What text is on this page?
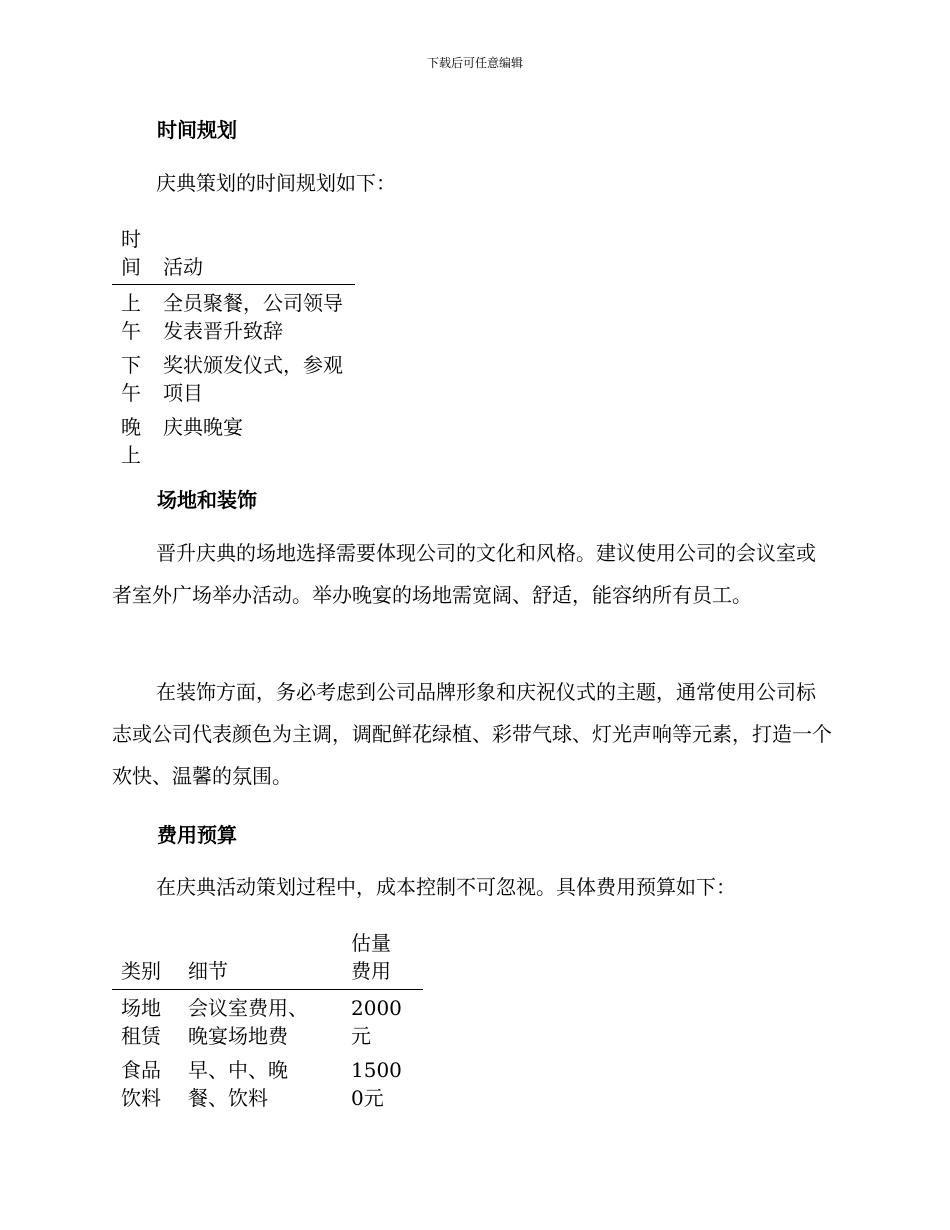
下载后可任意编辑
时间规划
庆典策划的时间规划如下：
时间	活动
上午
全员聚餐，公司领导发表晋升致辞
下午
奖状颁发仪式，参观项目
晚上
庆典晚宴
场地和装饰
晋升庆典的场地选择需要体现公司的文化和风格。建议使用公司的会议室或者室外广场举办活动。举办晚宴的场地需宽阔、舒适，能容纳所有员工。
在装饰方面，务必考虑到公司品牌形象和庆祝仪式的主题，通常使用公司标志或公司代表颜色为主调，调配鲜花绿植、彩带气球、灯光声响等元素，打造一个欢快、温馨的氛围。
费用预算
在庆典活动策划过程中，成本控制不可忽视。具体费用预算如下：
类别 细节
估量费用
场地租赁
会议室费用、晚宴场地费
2000元
食品饮料
早、中、晚餐、饮料
15000元
